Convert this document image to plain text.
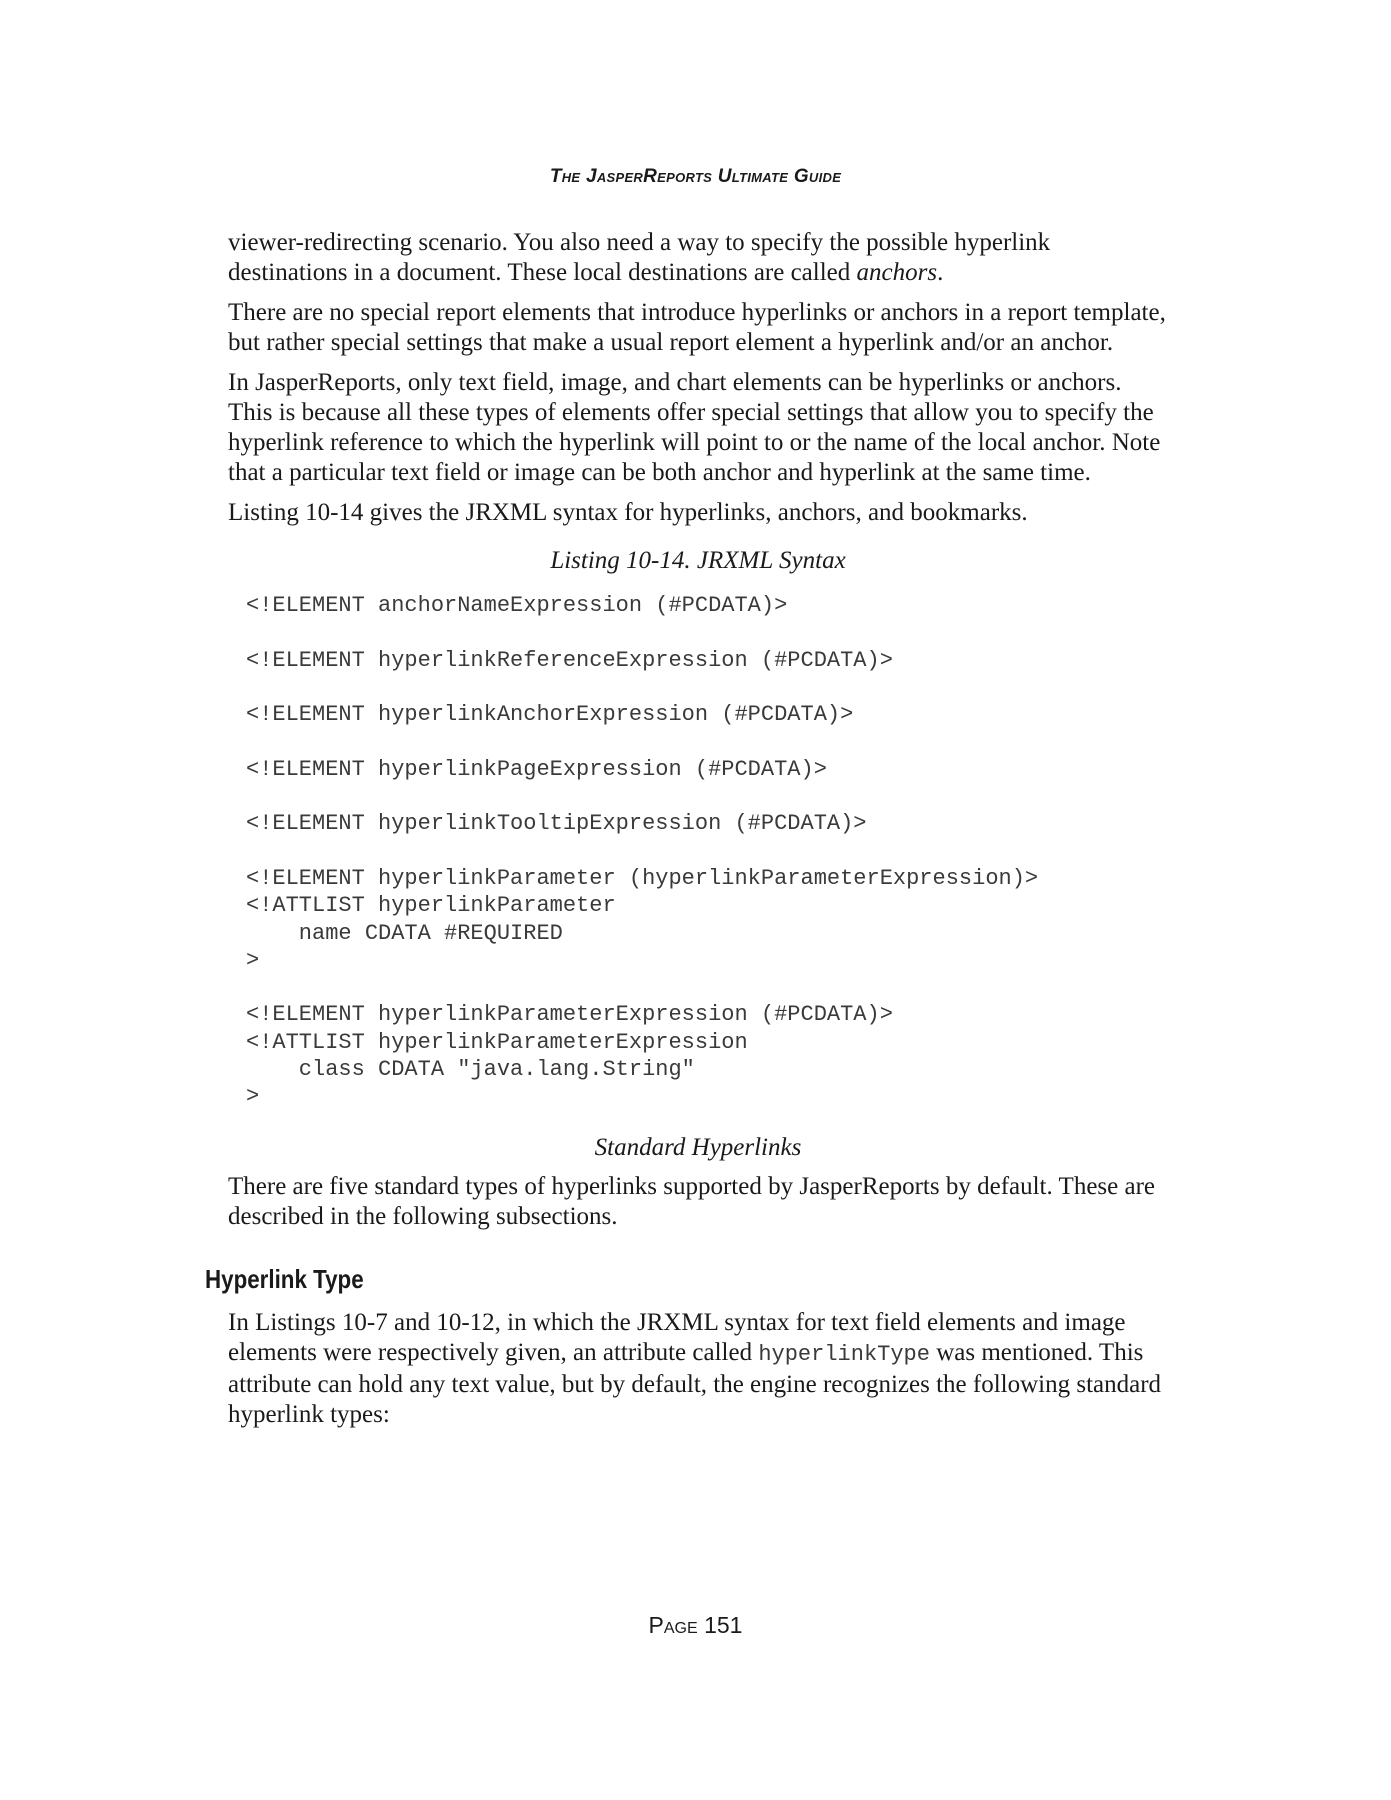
The JasperReports Ultimate Guide

viewer-redirecting scenario. You also need a way to specify the possible hyperlink destinations in a document. These local destinations are called anchors.

There are no special report elements that introduce hyperlinks or anchors in a report template, but rather special settings that make a usual report element a hyperlink and/or an anchor.

In JasperReports, only text field, image, and chart elements can be hyperlinks or anchors. This is because all these types of elements offer special settings that allow you to specify the hyperlink reference to which the hyperlink will point to or the name of the local anchor. Note that a particular text field or image can be both anchor and hyperlink at the same time.

Listing 10-14 gives the JRXML syntax for hyperlinks, anchors, and bookmarks.

Listing 10-14. JRXML Syntax
<!ELEMENT anchorNameExpression (#PCDATA)>

<!ELEMENT hyperlinkReferenceExpression (#PCDATA)>

<!ELEMENT hyperlinkAnchorExpression (#PCDATA)>

<!ELEMENT hyperlinkPageExpression (#PCDATA)>

<!ELEMENT hyperlinkTooltipExpression (#PCDATA)>

<!ELEMENT hyperlinkParameter (hyperlinkParameterExpression)>
<!ATTLIST hyperlinkParameter
name CDATA #REQUIRED
>

<!ELEMENT hyperlinkParameterExpression (#PCDATA)>
<!ATTLIST hyperlinkParameterExpression
class CDATA "java.lang.String"
>
Standard Hyperlinks

There are five standard types of hyperlinks supported by JasperReports by default. These are described in the following subsections.

Hyperlink Type

In Listings 10-7 and 10-12, in which the JRXML syntax for text field elements and image elements were respectively given, an attribute called hyperlinkType was mentioned. This attribute can hold any text value, but by default, the engine recognizes the following standard hyperlink types:

Page 151
